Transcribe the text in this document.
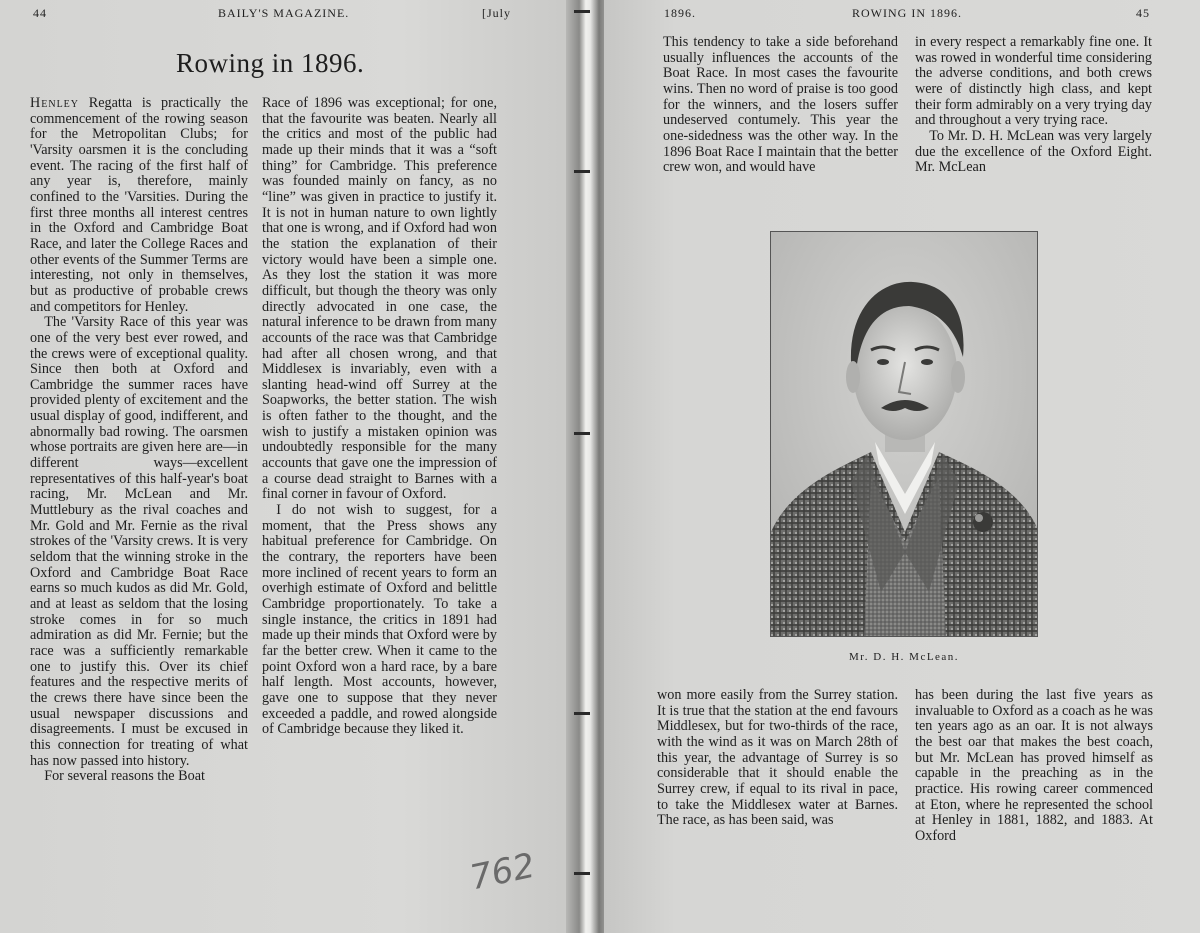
44	BAILY'S MAGAZINE.	[July
Rowing in 1896.

Henley Regatta is practically the commencement of the rowing season for the Metropolitan Clubs; for 'Varsity oarsmen it is the concluding event. The racing of the first half of any year is, therefore, mainly confined to the 'Varsities. During the first three months all interest centres in the Oxford and Cambridge Boat Race, and later the College Races and other events of the Summer Terms are interesting, not only in themselves, but as productive of probable crews and competitors for Henley.

The 'Varsity Race of this year was one of the very best ever rowed, and the crews were of exceptional quality. Since then both at Oxford and Cambridge the summer races have provided plenty of excitement and the usual display of good, indifferent, and abnormally bad rowing. The oarsmen whose portraits are given here are—in different ways—excellent representatives of this half-year's boat racing, Mr. McLean and Mr. Muttlebury as the rival coaches and Mr. Gold and Mr. Fernie as the rival strokes of the 'Varsity crews. It is very seldom that the winning stroke in the Oxford and Cambridge Boat Race earns so much kudos as did Mr. Gold, and at least as seldom that the losing stroke comes in for so much admiration as did Mr. Fernie; but the race was a sufficiently remarkable one to justify this. Over its chief features and the respective merits of the crews there have since been the usual newspaper discussions and disagreements. I must be excused in this connection for treating of what has now passed into history.

For several reasons the Boat

Race of 1896 was exceptional; for one, that the favourite was beaten. Nearly all the critics and most of the public had made up their minds that it was a “soft thing” for Cambridge. This preference was founded mainly on fancy, as no “line” was given in practice to justify it. It is not in human nature to own lightly that one is wrong, and if Oxford had won the station the explanation of their victory would have been a simple one. As they lost the station it was more difficult, but though the theory was only directly advocated in one case, the natural inference to be drawn from many accounts of the race was that Cambridge had after all chosen wrong, and that Middlesex is invariably, even with a slanting head-wind off Surrey at the Soapworks, the better station. The wish is often father to the thought, and the wish to justify a mistaken opinion was undoubtedly responsible for the many accounts that gave one the impression of a course dead straight to Barnes with a final corner in favour of Oxford.

I do not wish to suggest, for a moment, that the Press shows any habitual preference for Cambridge. On the contrary, the reporters have been more inclined of recent years to form an overhigh estimate of Oxford and belittle Cambridge proportionately. To take a single instance, the critics in 1891 had made up their minds that Oxford were by far the better crew. When it came to the point Oxford won a hard race, by a bare half length. Most accounts, however, gave one to suppose that they never exceeded a paddle, and rowed alongside of Cambridge because they liked it.

762
1896.	ROWING IN 1896.	45

This tendency to take a side beforehand usually influences the accounts of the Boat Race. In most cases the favourite wins. Then no word of praise is too good for the winners, and the losers suffer undeserved contumely. This year the one-sidedness was the other way. In the 1896 Boat Race I maintain that the better crew won, and would have

in every respect a remarkably fine one. It was rowed in wonderful time considering the adverse conditions, and both crews were of distinctly high class, and kept their form admirably on a very trying day and throughout a very trying race.

To Mr. D. H. McLean was very largely due the excellence of the Oxford Eight. Mr. McLean

won more easily from the Surrey station. It is true that the station at the end favours Middlesex, but for two-thirds of the race, with the wind as it was on March 28th of this year, the advantage of Surrey is so considerable that it should enable the Surrey crew, if equal to its rival in pace, to take the Middlesex water at Barnes. The race, as has been said, was

has been during the last five years as invaluable to Oxford as a coach as he was ten years ago as an oar. It is not always the best oar that makes the best coach, but Mr. McLean has proved himself as capable in the preaching as in the practice. His rowing career commenced at Eton, where he represented the school at Henley in 1881, 1882, and 1883. At Oxford

Mr. D. H. McLean.
